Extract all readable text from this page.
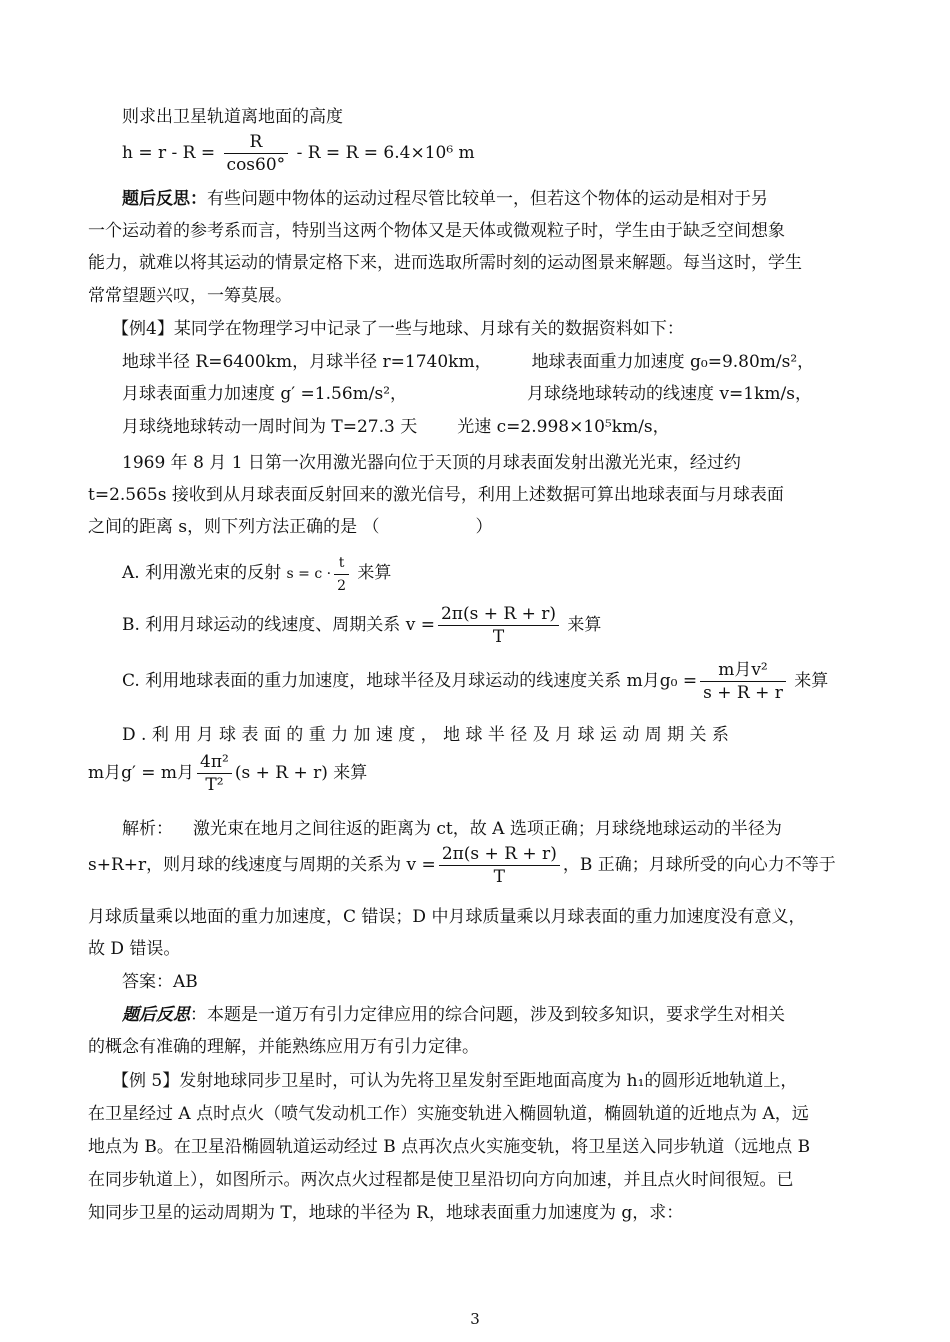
则求出卫星轨道离地面的高度
$h = r - R = \frac{R}{\cos 60^\circ} - R = R = 6.4\times 10^6$ m
题后反思：有些问题中物体的运动过程尽管比较单一，但若这个物体的运动是相对于另
一个运动着的参考系而言，特别当这两个物体又是天体或微观粒子时，学生由于缺乏空间想象
能力，就难以将其运动的情景定格下来，进而选取所需时刻的运动图景来解题。每当这时，学生
常常望题兴叹，一筹莫展。
【例4】某同学在物理学习中记录了一些与地球、月球有关的数据资料如下：
地球半径 R=6400km，月球半径 r=1740km， 地球表面重力加速度 g₀=9.80m/s²，
月球表面重力加速度 g′ =1.56m/s²，	月球绕地球转动的线速度 v=1km/s，
月球绕地球转动一周时间为 T=27.3 天 光速 c=2.998×10⁵km/s，
1969 年 8 月 1 日第一次用激光器向位于天顶的月球表面发射出激光光束，经过约
t=2.565s 接收到从月球表面反射回来的激光信号，利用上述数据可算出地球表面与月球表面
之间的距离 s，则下列方法正确的是 （	）
A. 利用激光束的反射 $s = c \cdot \frac{t}{2}$ 来算
B. 利用月球运动的线速度、周期关系 $v = \frac{2\pi(s + R + r)}{T}$ 来算
C. 利用地球表面的重力加速度，地球半径及月球运动的线速度关系 m月$g_0 = \frac{\text{m月v²}}{s + R + r}$ 来算
D . 利 用 月 球 表 面 的 重 力 加 速 度 ， 地 球 半 径 及 月 球 运 动 周 期 关 系
m月g′ = m月 $\frac{\text{4π²}}{\text{T²}} (s + R + r)$ 来算
解析： 激光束在地月之间往返的距离为 ct，故 A 选项正确；月球绕地球运动的半径为
s+R+r，则月球的线速度与周期的关系为 $v = \frac{2\pi(s + R + r)}{T}$ ，B 正确；月球所受的向心力不等于
月球质量乘以地面的重力加速度，C 错误；D 中月球质量乘以月球表面的重力加速度没有意义，
故 D 错误。
答案：AB
题后反思：本题是一道万有引力定律应用的综合问题，涉及到较多知识，要求学生对相关
的概念有准确的理解，并能熟练应用万有引力定律。
【例 5】发射地球同步卫星时，可认为先将卫星发射至距地面高度为 h₁的圆形近地轨道上，
在卫星经过 A 点时点火（喷气发动机工作）实施变轨进入椭圆轨道，椭圆轨道的近地点为 A，远
地点为 B。在卫星沿椭圆轨道运动经过 B 点再次点火实施变轨，将卫星送入同步轨道（远地点 B
在同步轨道上），如图所示。两次点火过程都是使卫星沿切向方向加速，并且点火时间很短。已
知同步卫星的运动周期为 T，地球的半径为 R，地球表面重力加速度为 g，求：
3
